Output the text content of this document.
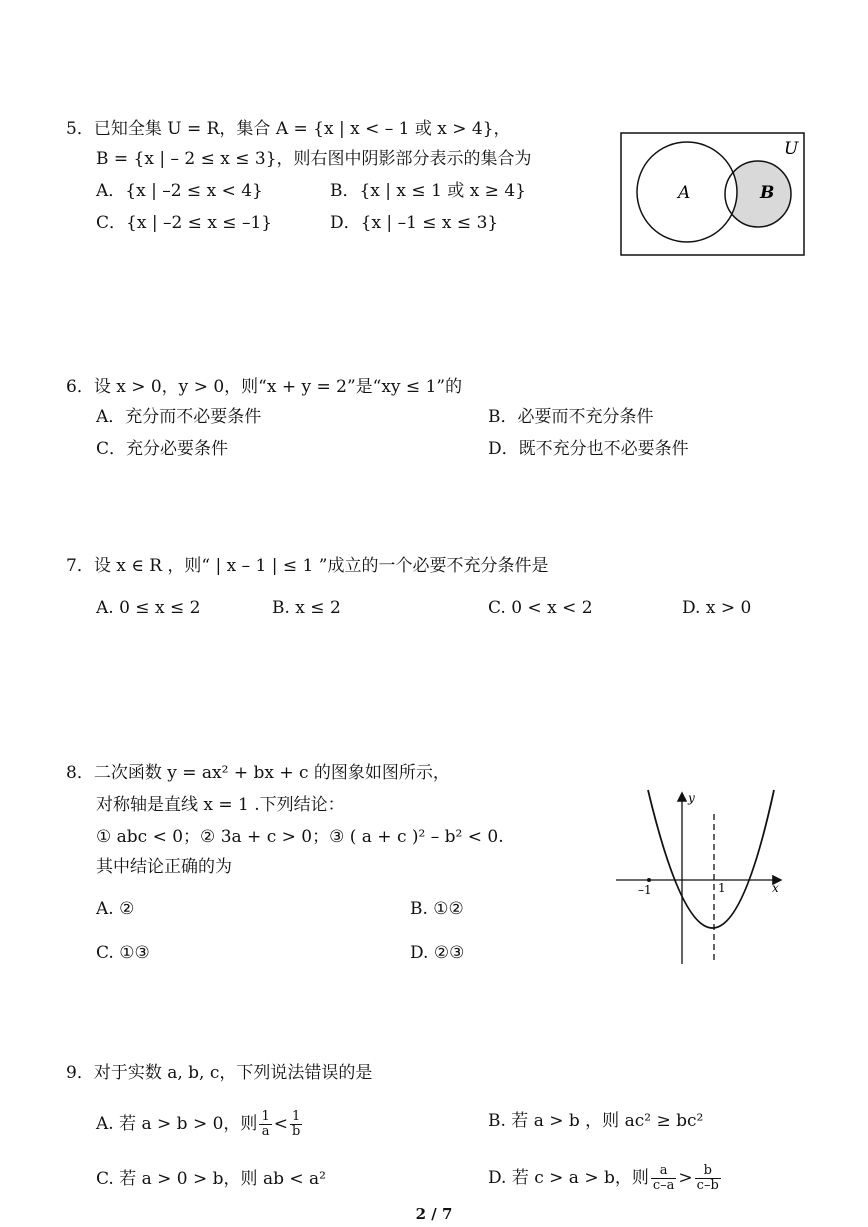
5．已知全集 U = R，集合 A = {x | x < – 1 或 x > 4}，
B = {x | – 2 ≤ x ≤ 3}，则右图中阴影部分表示的集合为
A．{x | –2 ≤ x < 4}	B．{x | x ≤ 1 或 x ≥ 4}
C．{x | –2 ≤ x ≤ –1}	D．{x | –1 ≤ x ≤ 3}
U
A	B
6．设 x > 0，y > 0，则“x + y = 2”是“xy ≤ 1”的
A．充分而不必要条件	B．必要而不充分条件
C．充分必要条件	D．既不充分也不必要条件
7．设 x ∈ R ，则“ | x – 1 | ≤ 1 ”成立的一个必要不充分条件是
A. 0 ≤ x ≤ 2	B. x ≤ 2	C. 0 < x < 2	D. x > 0
8．二次函数 y = ax² + bx + c 的图象如图所示，
对称轴是直线 x = 1 .下列结论：
① abc < 0；② 3a + c > 0；③ ( a + c )² – b² < 0.
其中结论正确的为
A. ②	B. ①②
C. ①③	D. ②③
y
x
–1	1
9．对于实数 a, b, c，下列说法错误的是
A. 若 a > b > 0，则 $\frac{1}{a} < \frac{1}{b}$	B. 若 a > b ，则 ac² ≥ bc²
C. 若 a > 0 > b，则 ab < a²	D. 若 c > a > b，则 $\frac{a}{c-a} > \frac{b}{c-b}$
2 / 7
